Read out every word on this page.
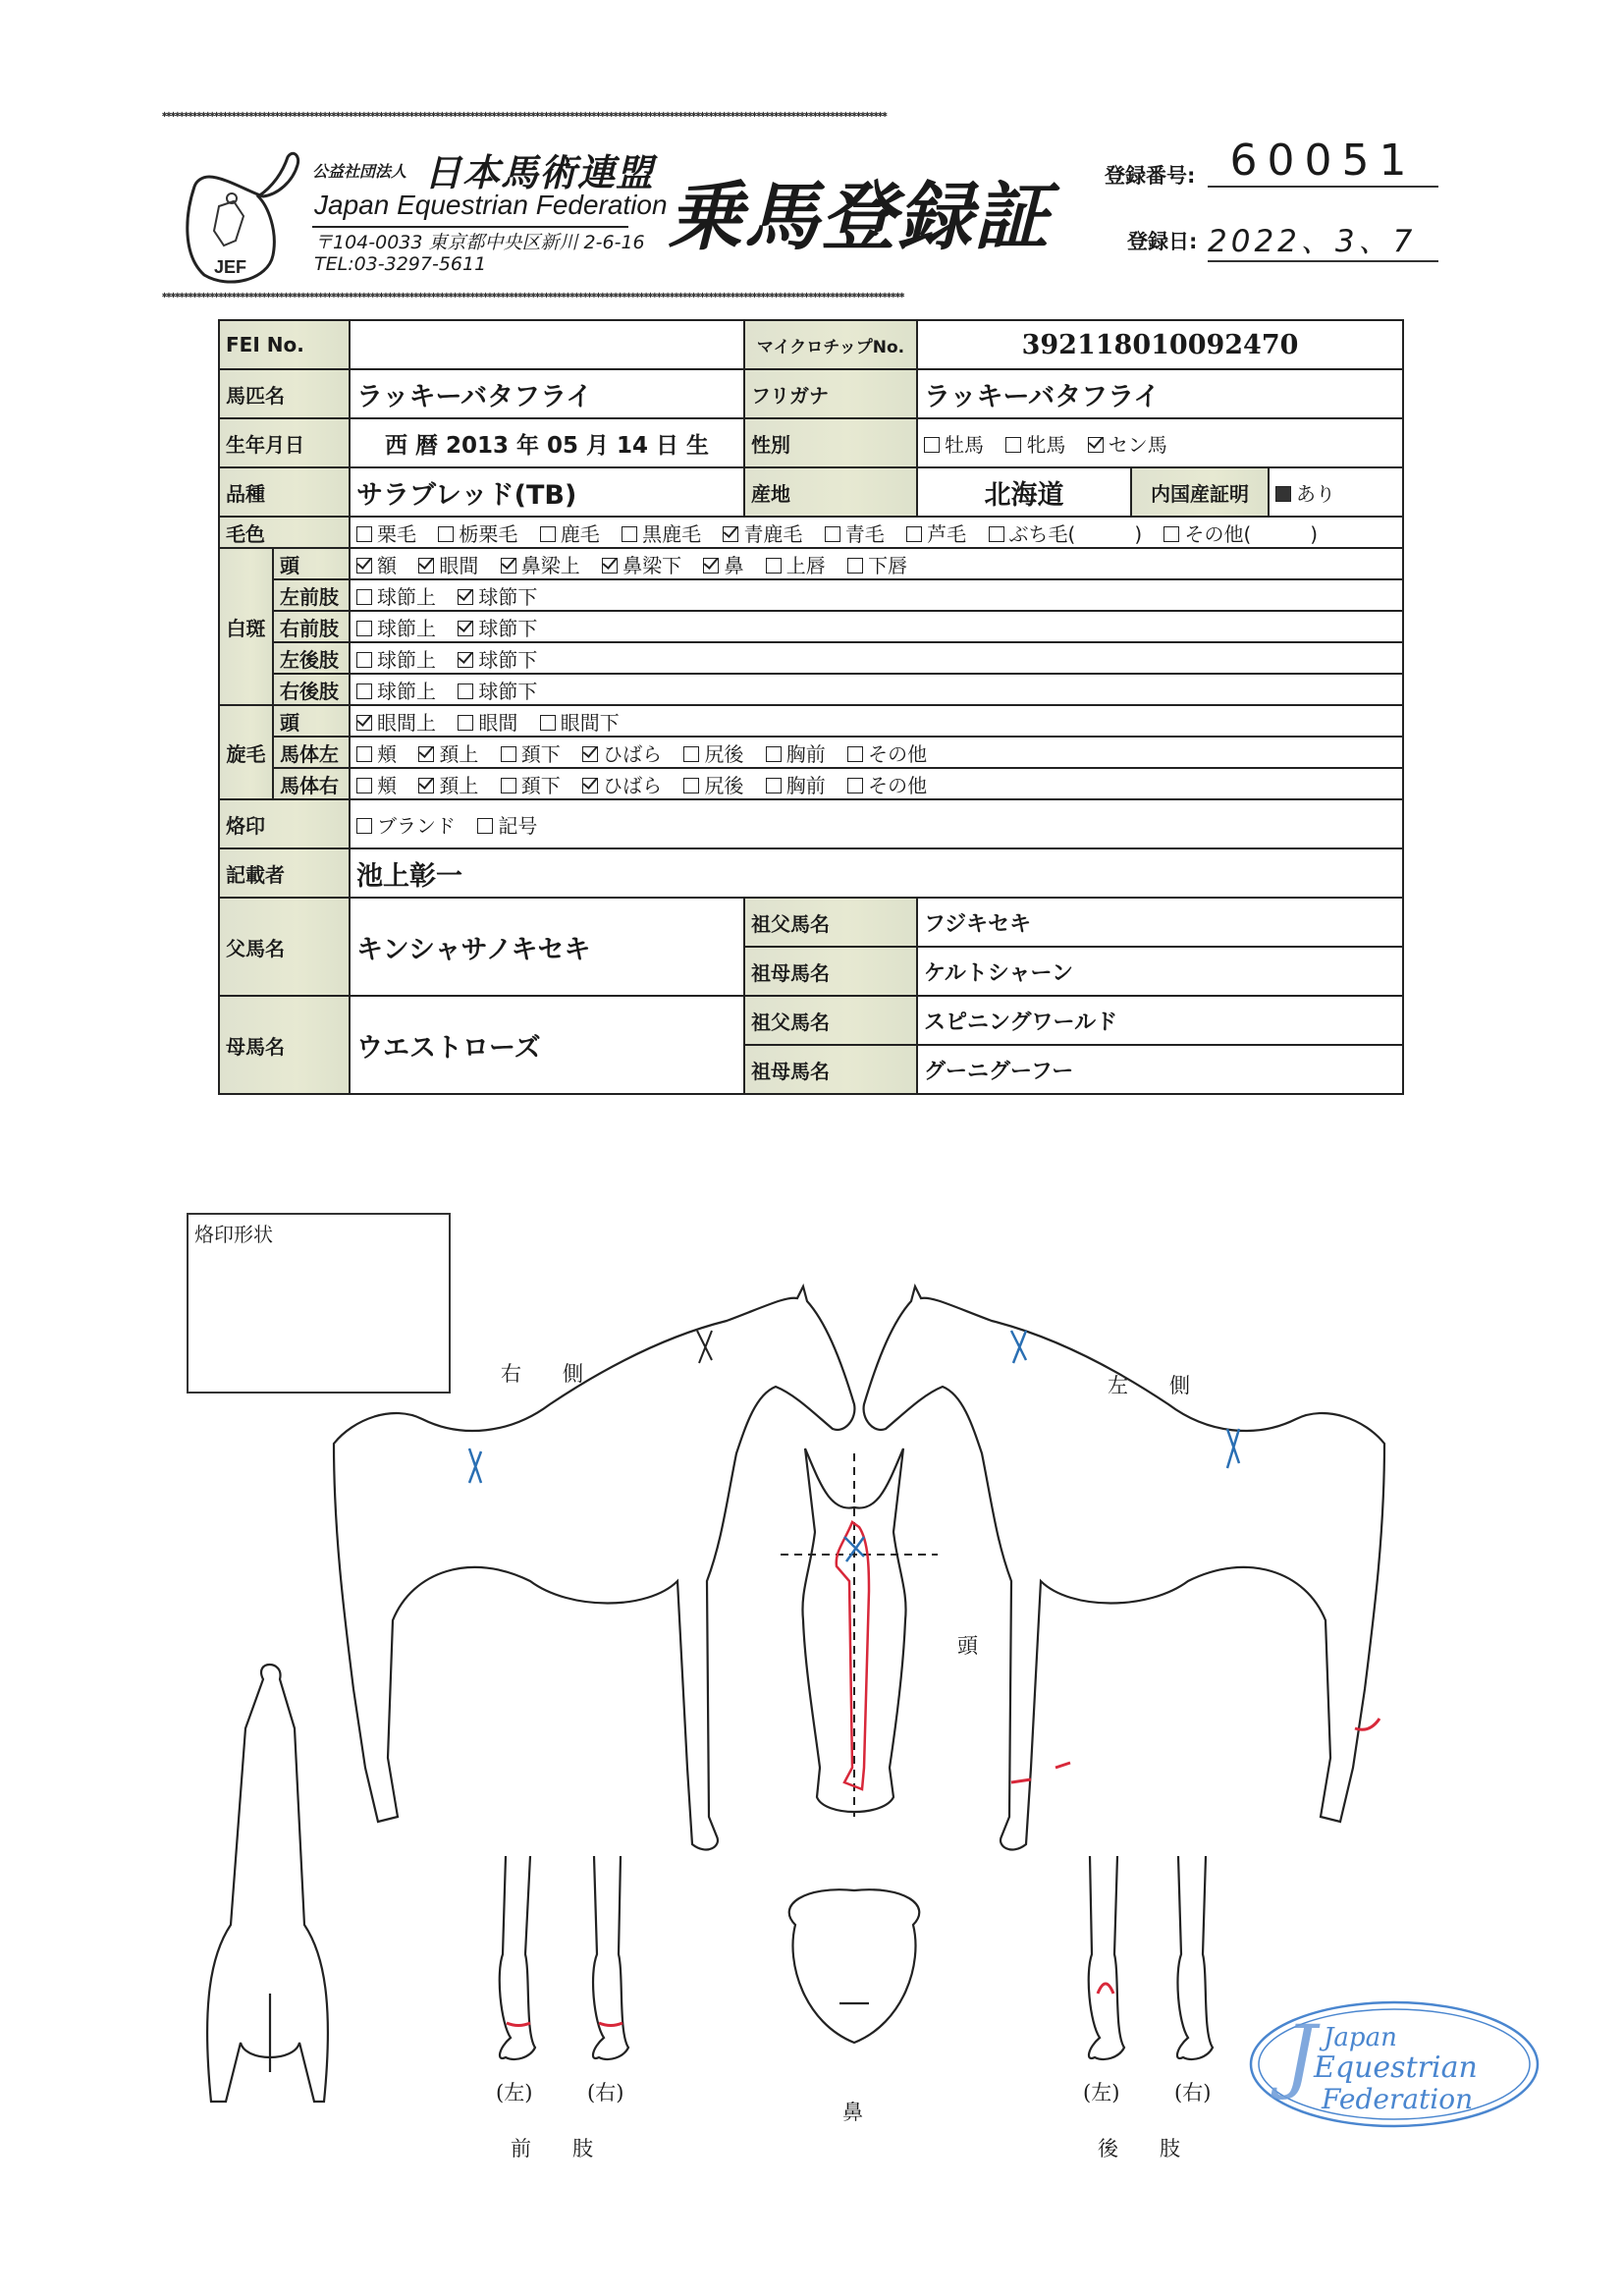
✱✱✱✱✱✱✱✱✱✱✱✱✱✱✱✱✱✱✱✱✱✱✱✱✱✱✱✱✱✱✱✱✱✱✱✱✱✱✱✱✱✱✱✱✱✱✱✱✱✱✱✱✱✱✱✱✱✱✱✱✱✱✱✱✱✱✱✱✱✱✱✱✱✱✱✱✱✱✱✱✱✱✱✱✱✱✱✱✱✱✱✱✱✱✱✱✱✱✱✱✱✱✱✱✱✱✱✱✱✱✱✱✱✱✱✱✱✱✱✱✱✱✱✱✱✱✱✱✱✱✱✱✱✱✱✱✱✱✱✱✱✱✱✱✱✱✱✱✱✱✱✱✱✱✱✱✱✱✱✱✱✱✱✱✱✱✱
✱✱✱✱✱✱✱✱✱✱✱✱✱✱✱✱✱✱✱✱✱✱✱✱✱✱✱✱✱✱✱✱✱✱✱✱✱✱✱✱✱✱✱✱✱✱✱✱✱✱✱✱✱✱✱✱✱✱✱✱✱✱✱✱✱✱✱✱✱✱✱✱✱✱✱✱✱✱✱✱✱✱✱✱✱✱✱✱✱✱✱✱✱✱✱✱✱✱✱✱✱✱✱✱✱✱✱✱✱✱✱✱✱✱✱✱✱✱✱✱✱✱✱✱✱✱✱✱✱✱✱✱✱✱✱✱✱✱✱✱✱✱✱✱✱✱✱✱✱✱✱✱✱✱✱✱✱✱✱✱✱✱✱✱✱✱✱✱✱✱✱
JEF
公益社団法人 日本馬術連盟
Japan Equestrian Federation
〒104-0033 東京都中央区新川 2-6-16
TEL:03-3297-5611
乗馬登録証	登録番号: 60051
登録日: 2022、3、7
FEI No.			マイクロチップNo.	392118010092470		
馬匹名		ラッキーバタフライ	フリガナ	ラッキーバタフライ		
生年月日		西 暦 2013 年 05 月 14 日 生	性別	牡馬 牝馬 セン馬		
品種		サラブレッド(TB)	産地	北海道	内国産証明	あり
毛色		栗毛 栃栗毛 鹿毛 黒鹿毛 青鹿毛 青毛 芦毛 ぶち毛(　　　) その他(　　　)				
白斑	頭	額 眼間 鼻梁上 鼻梁下 鼻 上唇 下唇				
	左前肢	球節上 球節下				
	右前肢	球節上 球節下				
	左後肢	球節上 球節下				
	右後肢	球節上 球節下				
旋毛	頭	眼間上 眼間 眼間下				
	馬体左	頬 頚上 頚下 ひばら 尻後 胸前 その他				
	馬体右	頬 頚上 頚下 ひばら 尻後 胸前 その他				
烙印		ブランド 記号				
記載者		池上彰一				
父馬名		キンシャサノキセキ	祖父馬名	フジキセキ		
			祖母馬名	ケルトシャーン		
母馬名		ウエストローズ	祖父馬名	スピニングワールド		
			祖母馬名	グーニグーフー		
烙印形状
右　　側	左　　側
頭
鼻
(左)	(右)
前　　肢
(左)	(右)
後　　肢
J Japan
Equestrian
Federation
